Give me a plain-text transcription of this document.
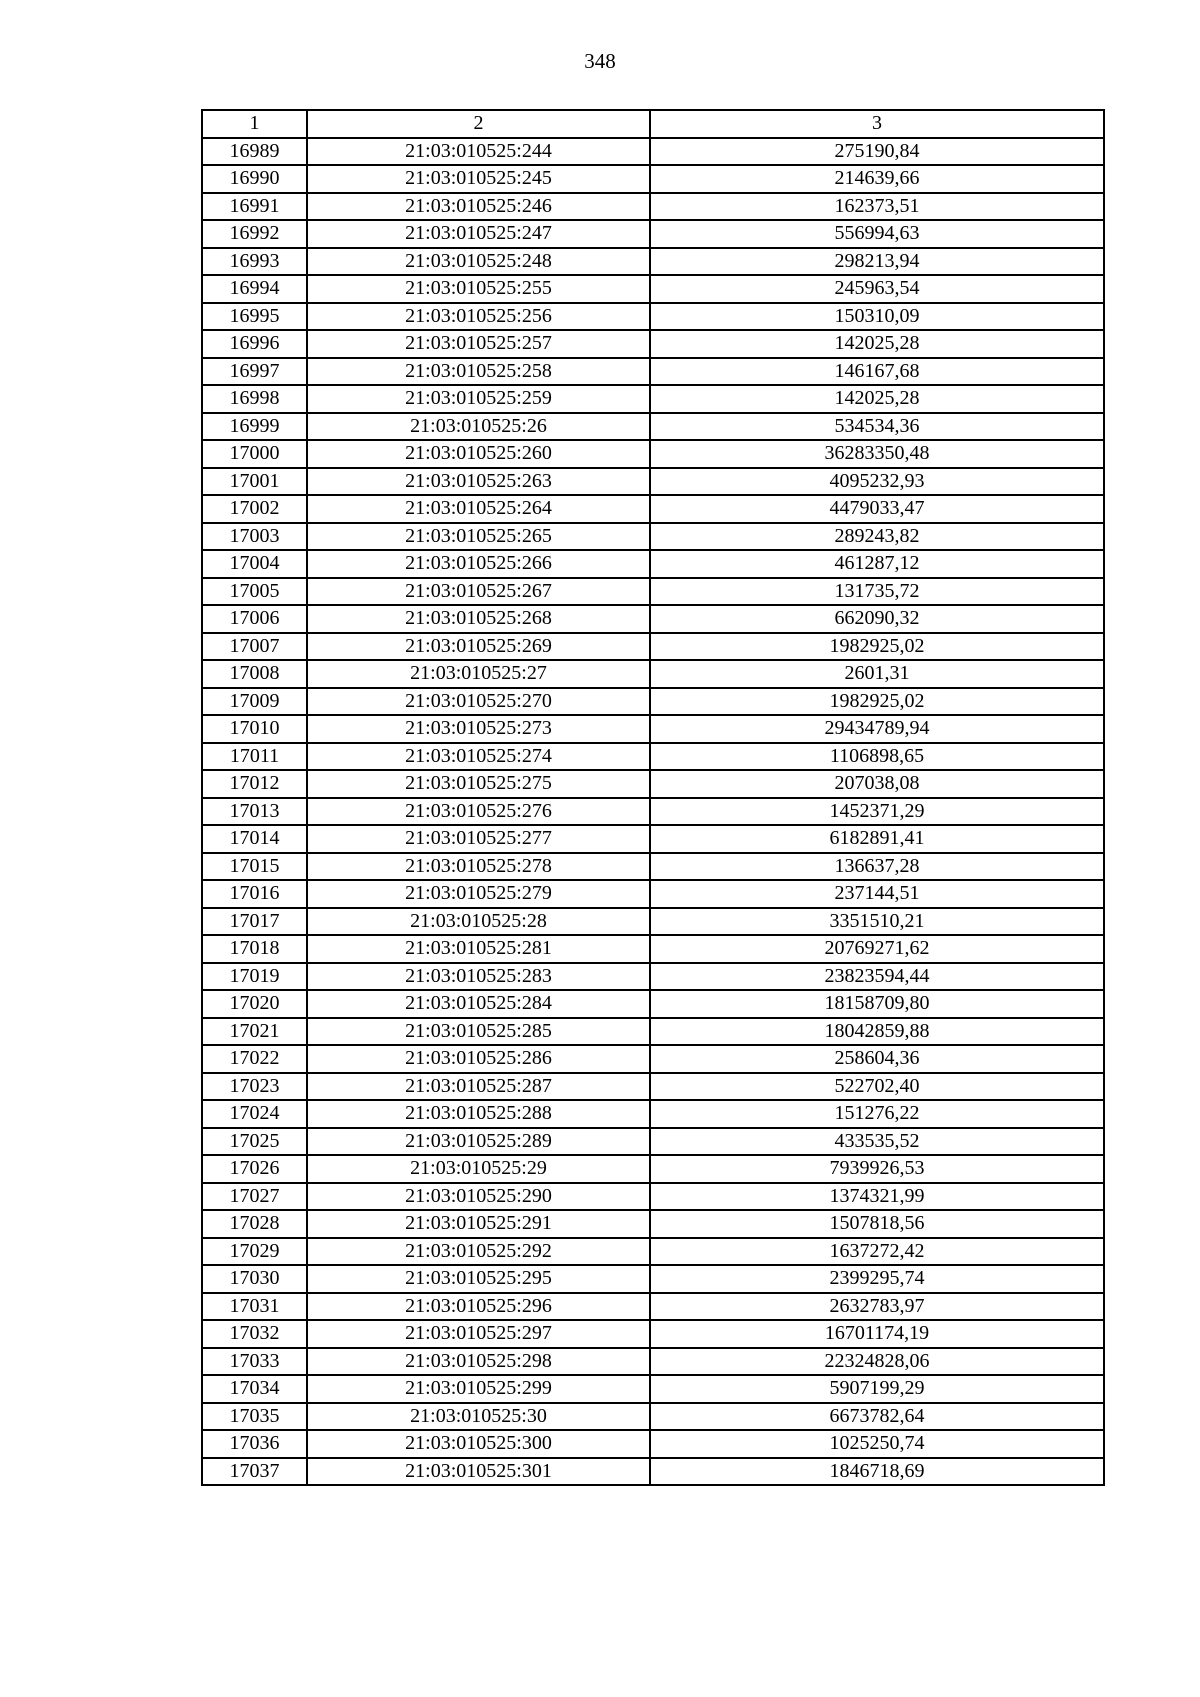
348
1	2	3
16989	21:03:010525:244	275190,84
16990	21:03:010525:245	214639,66
16991	21:03:010525:246	162373,51
16992	21:03:010525:247	556994,63
16993	21:03:010525:248	298213,94
16994	21:03:010525:255	245963,54
16995	21:03:010525:256	150310,09
16996	21:03:010525:257	142025,28
16997	21:03:010525:258	146167,68
16998	21:03:010525:259	142025,28
16999	21:03:010525:26	534534,36
17000	21:03:010525:260	36283350,48
17001	21:03:010525:263	4095232,93
17002	21:03:010525:264	4479033,47
17003	21:03:010525:265	289243,82
17004	21:03:010525:266	461287,12
17005	21:03:010525:267	131735,72
17006	21:03:010525:268	662090,32
17007	21:03:010525:269	1982925,02
17008	21:03:010525:27	2601,31
17009	21:03:010525:270	1982925,02
17010	21:03:010525:273	29434789,94
17011	21:03:010525:274	1106898,65
17012	21:03:010525:275	207038,08
17013	21:03:010525:276	1452371,29
17014	21:03:010525:277	6182891,41
17015	21:03:010525:278	136637,28
17016	21:03:010525:279	237144,51
17017	21:03:010525:28	3351510,21
17018	21:03:010525:281	20769271,62
17019	21:03:010525:283	23823594,44
17020	21:03:010525:284	18158709,80
17021	21:03:010525:285	18042859,88
17022	21:03:010525:286	258604,36
17023	21:03:010525:287	522702,40
17024	21:03:010525:288	151276,22
17025	21:03:010525:289	433535,52
17026	21:03:010525:29	7939926,53
17027	21:03:010525:290	1374321,99
17028	21:03:010525:291	1507818,56
17029	21:03:010525:292	1637272,42
17030	21:03:010525:295	2399295,74
17031	21:03:010525:296	2632783,97
17032	21:03:010525:297	16701174,19
17033	21:03:010525:298	22324828,06
17034	21:03:010525:299	5907199,29
17035	21:03:010525:30	6673782,64
17036	21:03:010525:300	1025250,74
17037	21:03:010525:301	1846718,69
